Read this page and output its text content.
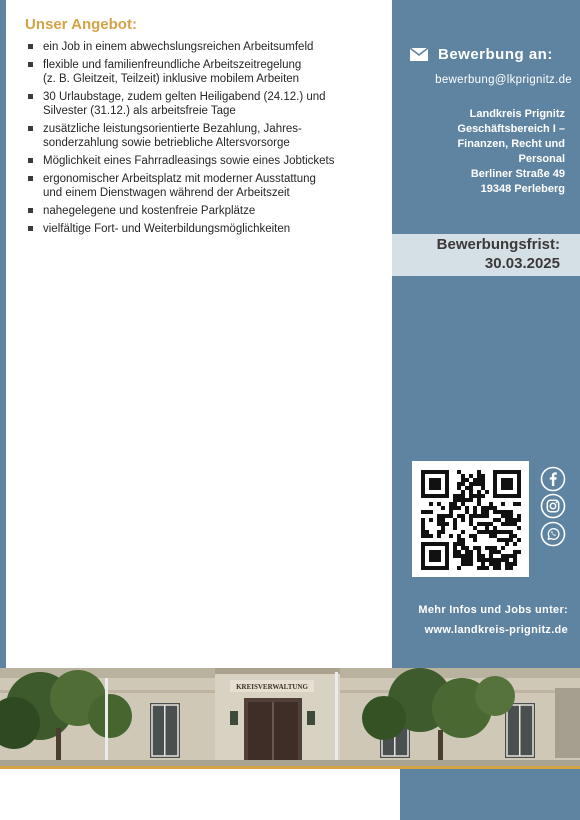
Unser Angebot:
ein Job in einem abwechslungsreichen Arbeitsumfeld
flexible und familienfreundliche Arbeitszeitregelung
(z. B. Gleitzeit, Teilzeit) inklusive mobilem Arbeiten
30 Urlaubstage, zudem gelten Heiligabend (24.12.) und
Silvester (31.12.) als arbeitsfreie Tage
zusätzliche leistungsorientierte Bezahlung, Jahres-
sonderzahlung sowie betriebliche Altersvorsorge
Möglichkeit eines Fahrradleasings sowie eines Jobtickets
ergonomischer Arbeitsplatz mit moderner Ausstattung
und einem Dienstwagen während der Arbeitszeit
nahegelegene und kostenfreie Parkplätze
vielfältige Fort- und Weiterbildungsmöglichkeiten
Bewerbung an:
bewerbung@lkprignitz.de
Landkreis Prignitz
Geschäftsbereich I –
Finanzen, Recht und
Personal
Berliner Straße 49
19348 Perleberg
Bewerbungsfrist:
30.03.2025
Mehr Infos und Jobs unter:
www.landkreis-prignitz.de
KREISVERWALTUNG
